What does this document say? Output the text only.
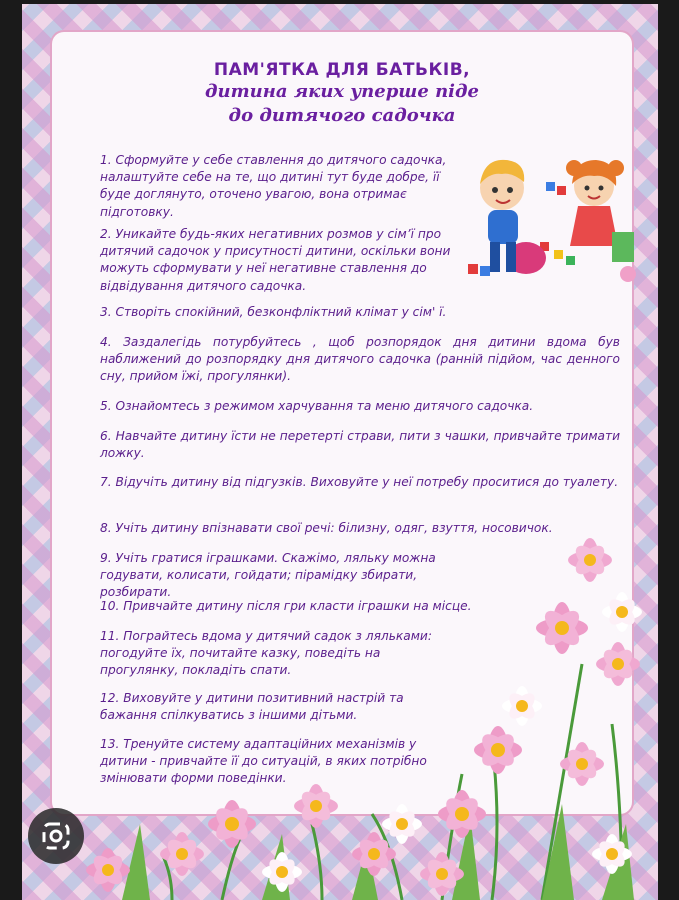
ПАМ'ЯТКА ДЛЯ БАТЬКІВ,
дитина яких уперше піде
до дитячого садочка

1. Сформуйте у себе ставлення до дитячого садочка, налаштуйте себе на те, що дитині тут буде добре, її буде доглянуто, оточено увагою, вона отримає підготовку.

2. Уникайте будь-яких негативних розмов у сім’ї про дитячий садочок у присутності дитини, оскільки вони можуть сформувати у неї негативне ставлення до відвідування дитячого садочка.

3. Створіть спокійний, безконфліктний клімат у сім' ї.

4. Заздалегідь потурбуйтесь , щоб розпорядок дня дитини вдома був наближений до розпорядку дня дитячого садочка (ранній підйом, час денного сну, прийом їжі, прогулянки).

5. Ознайомтесь з режимом харчування та меню дитячого садочка.

6. Навчайте дитину їсти не перетерті страви, пити з чашки, привчайте тримати ложку.

7. Відучіть дитину від підгузків. Виховуйте у неї потребу проситися до туалету.

8. Учіть дитину впізнавати свої речі: білизну, одяг, взуття, носовичок.

9. Учіть гратися іграшками. Скажімо, ляльку можна годувати, колисати, гойдати; пірамідку збирати, розбирати.

10. Привчайте дитину після гри класти іграшки на місце.

11. Пограйтесь вдома у дитячий садок з ляльками: погодуйте їх, почитайте казку, поведіть на прогулянку, покладіть спати.

12. Виховуйте у дитини позитивний настрій та бажання спілкуватись з іншими дітьми.

13. Тренуйте систему адаптаційних механізмів у дитини - привчайте її до ситуацій, в яких потрібно змінювати форми поведінки.
